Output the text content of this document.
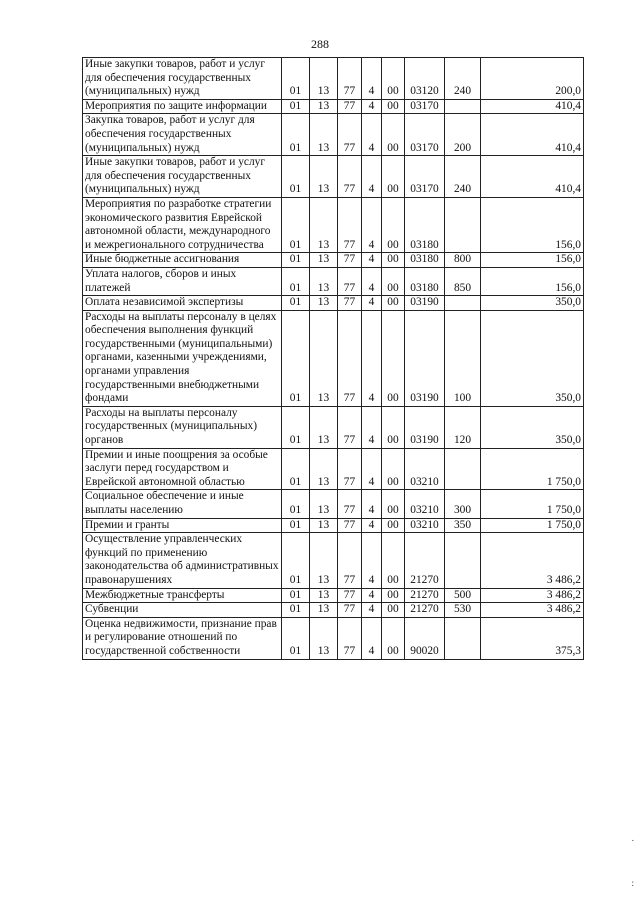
288
Иные закупки товаров, работ и услуг для обеспечения государственных (муниципальных) нужд	01	13	77	4	00	03120	240	200,0
Мероприятия по защите информации	01	13	77	4	00	03170		410,4
Закупка товаров, работ и услуг для обеспечения государственных (муниципальных) нужд	01	13	77	4	00	03170	200	410,4
Иные закупки товаров, работ и услуг для обеспечения государственных (муниципальных) нужд	01	13	77	4	00	03170	240	410,4
Мероприятия по разработке стратегии экономического развития Еврейской автономной области, международного и межрегионального сотрудничества	01	13	77	4	00	03180		156,0
Иные бюджетные ассигнования	01	13	77	4	00	03180	800	156,0
Уплата налогов, сборов и иных платежей	01	13	77	4	00	03180	850	156,0
Оплата независимой экспертизы	01	13	77	4	00	03190		350,0
Расходы на выплаты персоналу в целях обеспечения выполнения функций государственными (муниципальными) органами, казенными учреждениями, органами управления государственными внебюджетными фондами	01	13	77	4	00	03190	100	350,0
Расходы на выплаты персоналу государственных (муниципальных) органов	01	13	77	4	00	03190	120	350,0
Премии и иные поощрения за особые заслуги перед государством и Еврейской автономной областью	01	13	77	4	00	03210		1 750,0
Социальное обеспечение и иные выплаты населению	01	13	77	4	00	03210	300	1 750,0
Премии и гранты	01	13	77	4	00	03210	350	1 750,0
Осуществление управленческих функций по применению законодательства об административных правонарушениях	01	13	77	4	00	21270		3 486,2
Межбюджетные трансферты	01	13	77	4	00	21270	500	3 486,2
Субвенции	01	13	77	4	00	21270	530	3 486,2
Оценка недвижимости, признание прав и регулирование отношений по государственной собственности	01	13	77	4	00	90020		375,3
.
:
